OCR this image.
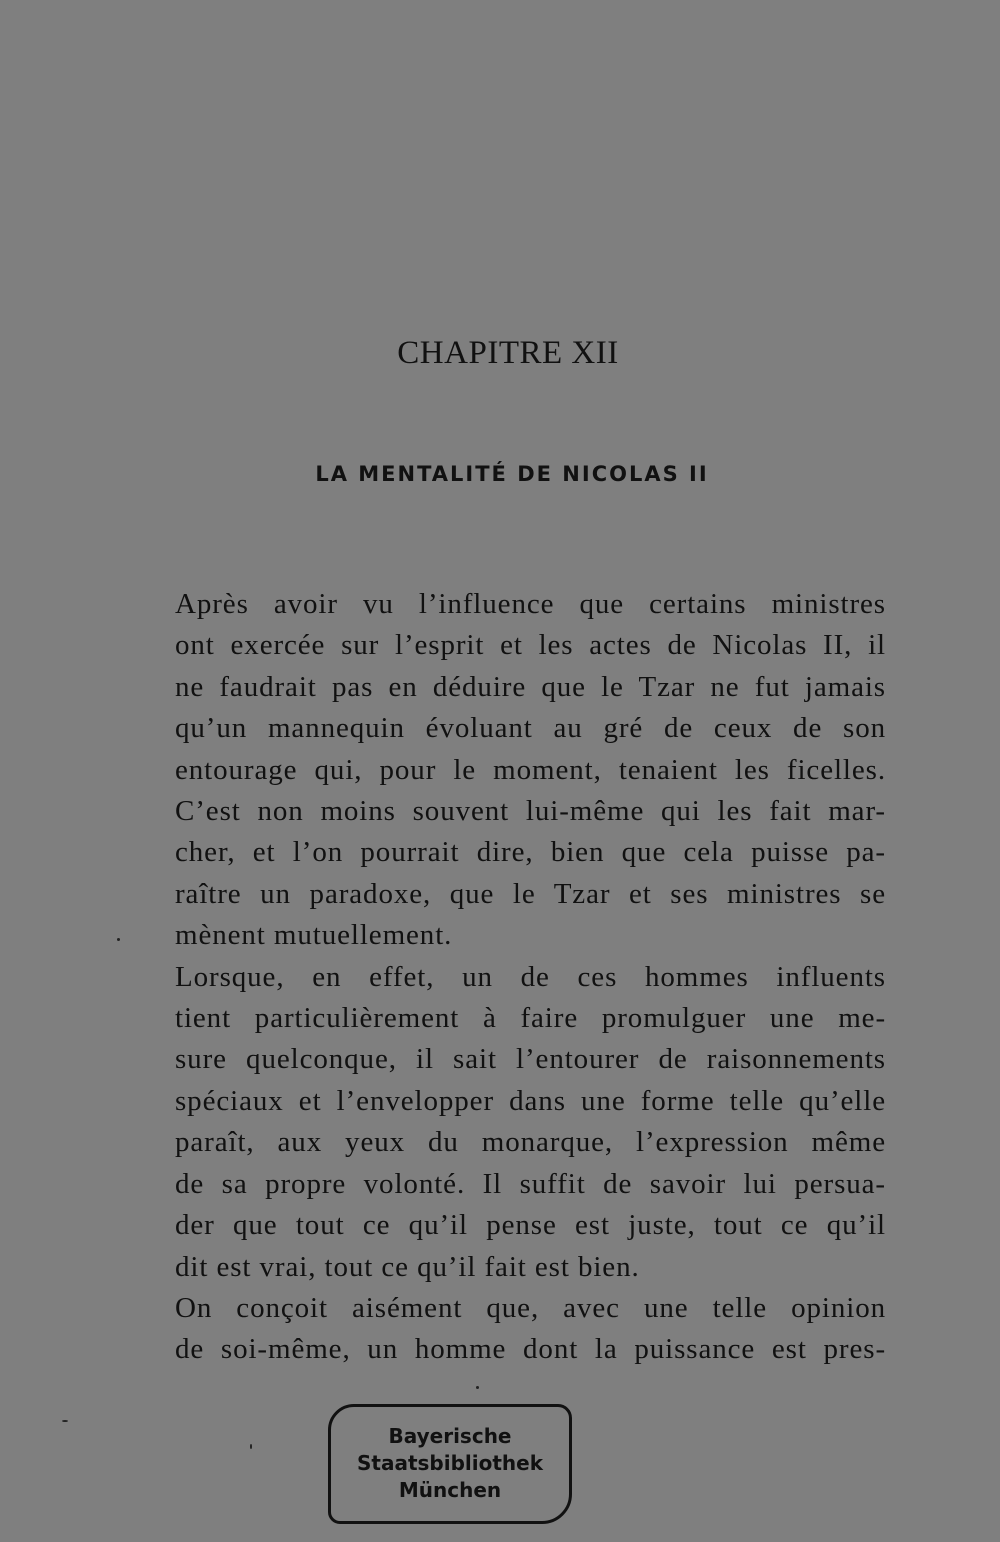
CHAPITRE XII
LA MENTALITÉ DE NICOLAS II

Après avoir vu l’influence que certains ministres
ont exercée sur l’esprit et les actes de Nicolas II, il
ne faudrait pas en déduire que le Tzar ne fut jamais
qu’un mannequin évoluant au gré de ceux de son
entourage qui, pour le moment, tenaient les ficelles.
C’est non moins souvent lui-même qui les fait mar-
cher, et l’on pourrait dire, bien que cela puisse pa-
raître un paradoxe, que le Tzar et ses ministres se
mènent mutuellement.

Lorsque, en effet, un de ces hommes influents
tient particulièrement à faire promulguer une me-
sure quelconque, il sait l’entourer de raisonnements
spéciaux et l’envelopper dans une forme telle qu’elle
paraît, aux yeux du monarque, l’expression même
de sa propre volonté. Il suffit de savoir lui persua-
der que tout ce qu’il pense est juste, tout ce qu’il
dit est vrai, tout ce qu’il fait est bien.

On conçoit aisément que, avec une telle opinion
de soi-même, un homme dont la puissance est pres-

Bayerische
Staatsbibliothek
München
